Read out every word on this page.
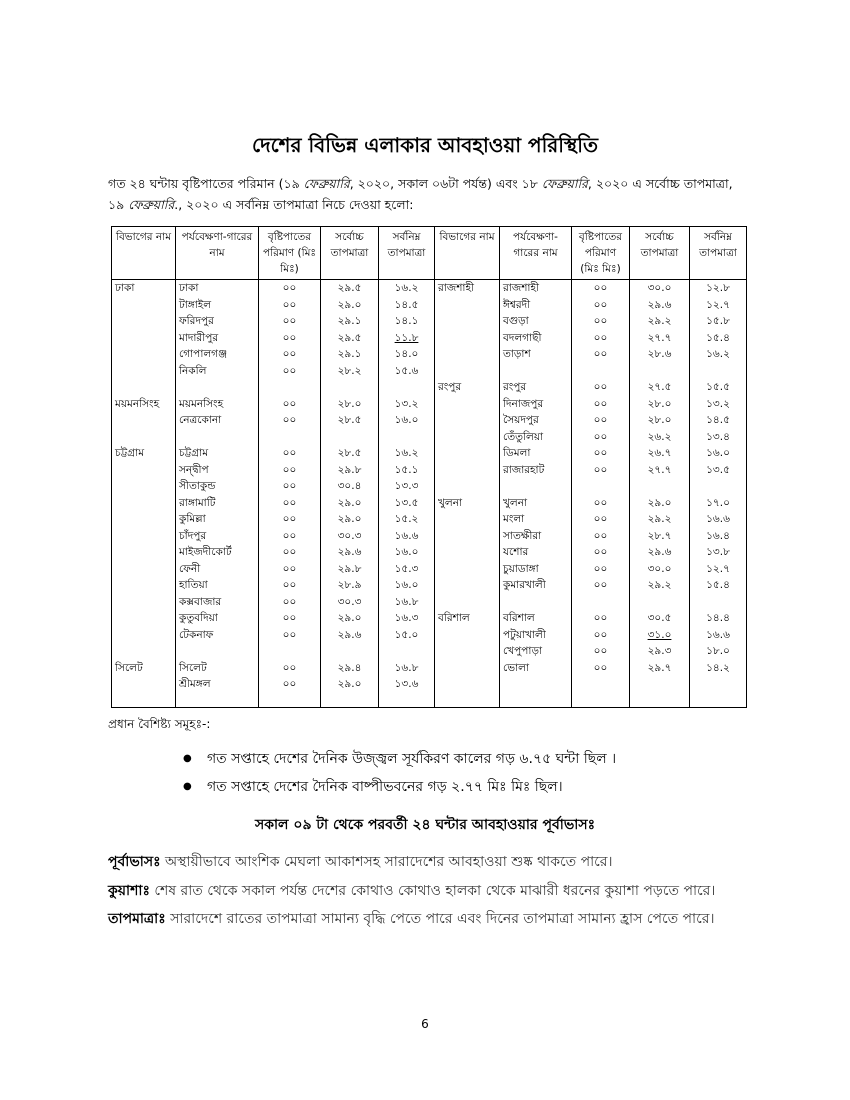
দেশের বিভিন্ন এলাকার আবহাওয়া পরিস্থিতি
গত ২৪ ঘন্টায় বৃষ্টিপাতের পরিমান (১৯ ফেব্রুয়ারি, ২০২০, সকাল ০৬টা পর্যন্ত) এবং ১৮ ফেব্রুয়ারি, ২০২০ এ সর্বোচ্চ তাপমাত্রা, ১৯ ফেব্রুয়ারি., ২০২০ এ সর্বনিম্ন তাপমাত্রা নিচে দেওয়া হলো:
বিভাগের নাম	পর্যবেক্ষণা-গারের নাম	বৃষ্টিপাতের পরিমাণ (মিঃ মিঃ)	সর্বোচ্চ তাপমাত্রা	সর্বনিম্ন তাপমাত্রা	বিভাগের নাম	পর্যবেক্ষণা-গারের নাম	বৃষ্টিপাতের পরিমাণ (মিঃ মিঃ)	সর্বোচ্চ তাপমাত্রা	সর্বনিম্ন তাপমাত্রা
ঢাকা	ঢাকা	০০	২৯.৫	১৬.২	রাজশাহী	রাজশাহী	০০	৩০.০	১২.৮
	টাঙ্গাইল	০০	২৯.০	১৪.৫		ঈশ্বরদী	০০	২৯.৬	১২.৭
	ফরিদপুর	০০	২৯.১	১৪.১		বগুড়া	০০	২৯.২	১৫.৮
	মাদারীপুর	০০	২৯.৫	১১.৮		বদলগাছী	০০	২৭.৭	১৫.৪
	গোপালগঞ্জ	০০	২৯.১	১৪.০		তাড়াশ	০০	২৮.৬	১৬.২
	নিকলি	০০	২৮.২	১৫.৬					
					রংপুর	রংপুর	০০	২৭.৫	১৫.৫
ময়মনসিংহ	ময়মনসিংহ	০০	২৮.০	১৩.২		দিনাজপুর	০০	২৮.০	১৩.২
	নেত্রকোনা	০০	২৮.৫	১৬.০		সৈয়দপুর	০০	২৮.০	১৪.৫
						তেঁতুলিয়া	০০	২৬.২	১৩.৪
চট্টগ্রাম	চট্টগ্রাম	০০	২৮.৫	১৬.২		ডিমলা	০০	২৬.৭	১৬.০
	সন্দ্বীপ	০০	২৯.৮	১৫.১		রাজারহাট	০০	২৭.৭	১৩.৫
	সীতাকুন্ড	০০	৩০.৪	১৩.৩					
	রাঙ্গামাটি	০০	২৯.০	১৩.৫	খুলনা	খুলনা	০০	২৯.০	১৭.০
	কুমিল্লা	০০	২৯.০	১৫.২		মংলা	০০	২৯.২	১৬.৬
	চাঁদপুর	০০	৩০.৩	১৬.৬		সাতক্ষীরা	০০	২৮.৭	১৬.৪
	মাইজদীকোর্ট	০০	২৯.৬	১৬.০		যশোর	০০	২৯.৬	১৩.৮
	ফেনী	০০	২৯.৮	১৫.৩		চুয়াডাঙ্গা	০০	৩০.০	১২.৭
	হাতিয়া	০০	২৮.৯	১৬.০		কুমারখালী	০০	২৯.২	১৫.৪
	কক্সবাজার	০০	৩০.৩	১৬.৮					
	কুতুবদিয়া	০০	২৯.০	১৬.৩	বরিশাল	বরিশাল	০০	৩০.৫	১৪.৪
	টেকনাফ	০০	২৯.৬	১৫.০		পটুয়াখালী	০০	৩১.০	১৬.৬
						খেপুপাড়া	০০	২৯.৩	১৮.০
সিলেট	সিলেট	০০	২৯.৪	১৬.৮		ভোলা	০০	২৯.৭	১৪.২
	শ্রীমঙ্গল	০০	২৯.০	১৩.৬					

প্রধান বৈশিষ্ট্য সমূহঃ-:
● গত সপ্তাহে দেশের দৈনিক উজ্জ্বল সূর্যকিরণ কালের গড় ৬.৭৫ ঘন্টা ছিল ।
● গত সপ্তাহে দেশের দৈনিক বাষ্পীভবনের গড় ২.৭৭ মিঃ মিঃ ছিল।
সকাল ০৯ টা থেকে পরবর্তী ২৪ ঘন্টার আবহাওয়ার পূর্বাভাসঃ
পূর্বাভাসঃ অস্থায়ীভাবে আংশিক মেঘলা আকাশসহ সারাদেশের আবহাওয়া শুষ্ক থাকতে পারে।
কুয়াশাঃ শেষ রাত থেকে সকাল পর্যন্ত দেশের কোথাও কোথাও হালকা থেকে মাঝারী ধরনের কুয়াশা পড়তে পারে।
তাপমাত্রাঃ সারাদেশে রাতের তাপমাত্রা সামান্য বৃদ্ধি পেতে পারে এবং দিনের তাপমাত্রা সামান্য হ্রাস পেতে পারে।
6
